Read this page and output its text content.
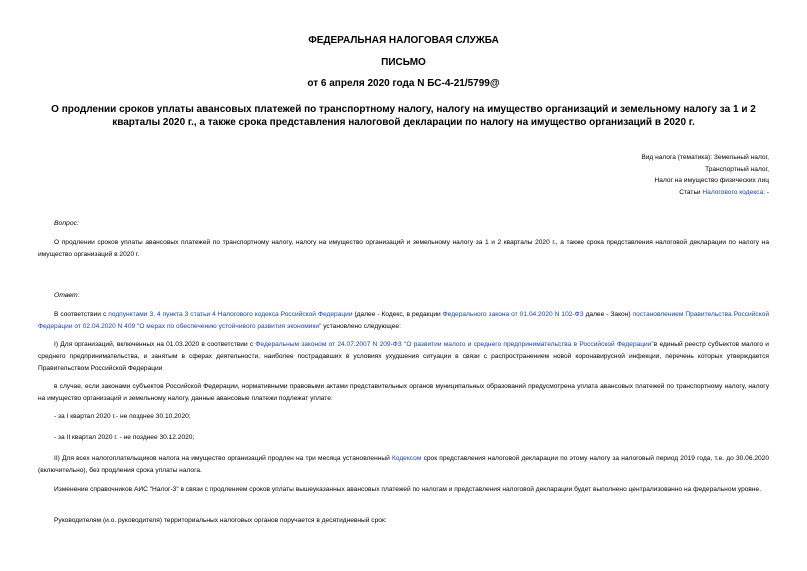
ФЕДЕРАЛЬНАЯ НАЛОГОВАЯ СЛУЖБА
ПИСЬМО
от 6 апреля 2020 года N БС-4-21/5799@
О продлении сроков уплаты авансовых платежей по транспортному налогу, налогу на имущество организаций и земельному налогу за 1 и 2 кварталы 2020 г., а также срока представления налоговой декларации по налогу на имущество организаций в 2020 г.
Вид налога (тематика): Земельный налог,
Транспортный налог,
Налог на имущество физических лиц
Статьи Налогового кодекса: -
Вопрос:
О продлении сроков уплаты авансовых платежей по транспортному налогу, налогу на имущество организаций и земельному налогу за 1 и 2 кварталы 2020 г., а также срока представления налоговой декларации по налогу на имущество организаций в 2020 г.
Ответ:
В соответствии с подпунктами 3, 4 пункта 3 статьи 4 Налогового кодекса Российской Федерации (далее - Кодекс, в редакции Федерального закона от 01.04.2020 N 102-ФЗ далее - Закон) постановлением Правительства Российской Федерации от 02.04.2020 N 409 "О мерах по обеспечению устойчивого развития экономики" установлено следующее:
I) Для организаций, включенных на 01.03.2020 в соответствии с Федеральным законом от 24.07.2007 N 209-ФЗ "О развитии малого и среднего предпринимательства в Российской Федерации"в единый реестр субъектов малого и среднего предпринимательства, и занятым в сферах деятельности, наиболее пострадавших в условиях ухудшения ситуации в связи с распространением новой коронавирусной инфекции, перечень которых утверждается Правительством Российской Федерации
в случае, если законами субъектов Российской Федерации, нормативными правовыми актами представительных органов муниципальных образований предусмотрена уплата авансовых платежей по транспортному налогу, налогу на имущество организаций и земельному налогу, данные авансовые платежи подлежат уплате:
- за I квартал 2020 г.- не позднее 30.10.2020;
- за II квартал 2020 г. - не позднее 30.12.2020;
II) Для всех налогоплательщиков налога на имущество организаций продлен на три месяца установленный Кодексом срок представления налоговой декларации по этому налогу за налоговый период 2019 года, т.е. до 30.06.2020 (включительно), без продления срока уплаты налога.
Изменение справочников АИС "Налог-3" в связи с продлением сроков уплаты вышеуказанных авансовых платежей по налогам и представления налоговой декларации будет выполнено централизованно на федеральном уровне.
Руководителям (и.о. руководителя) территориальных налоговых органов поручается в десятидневный срок:
